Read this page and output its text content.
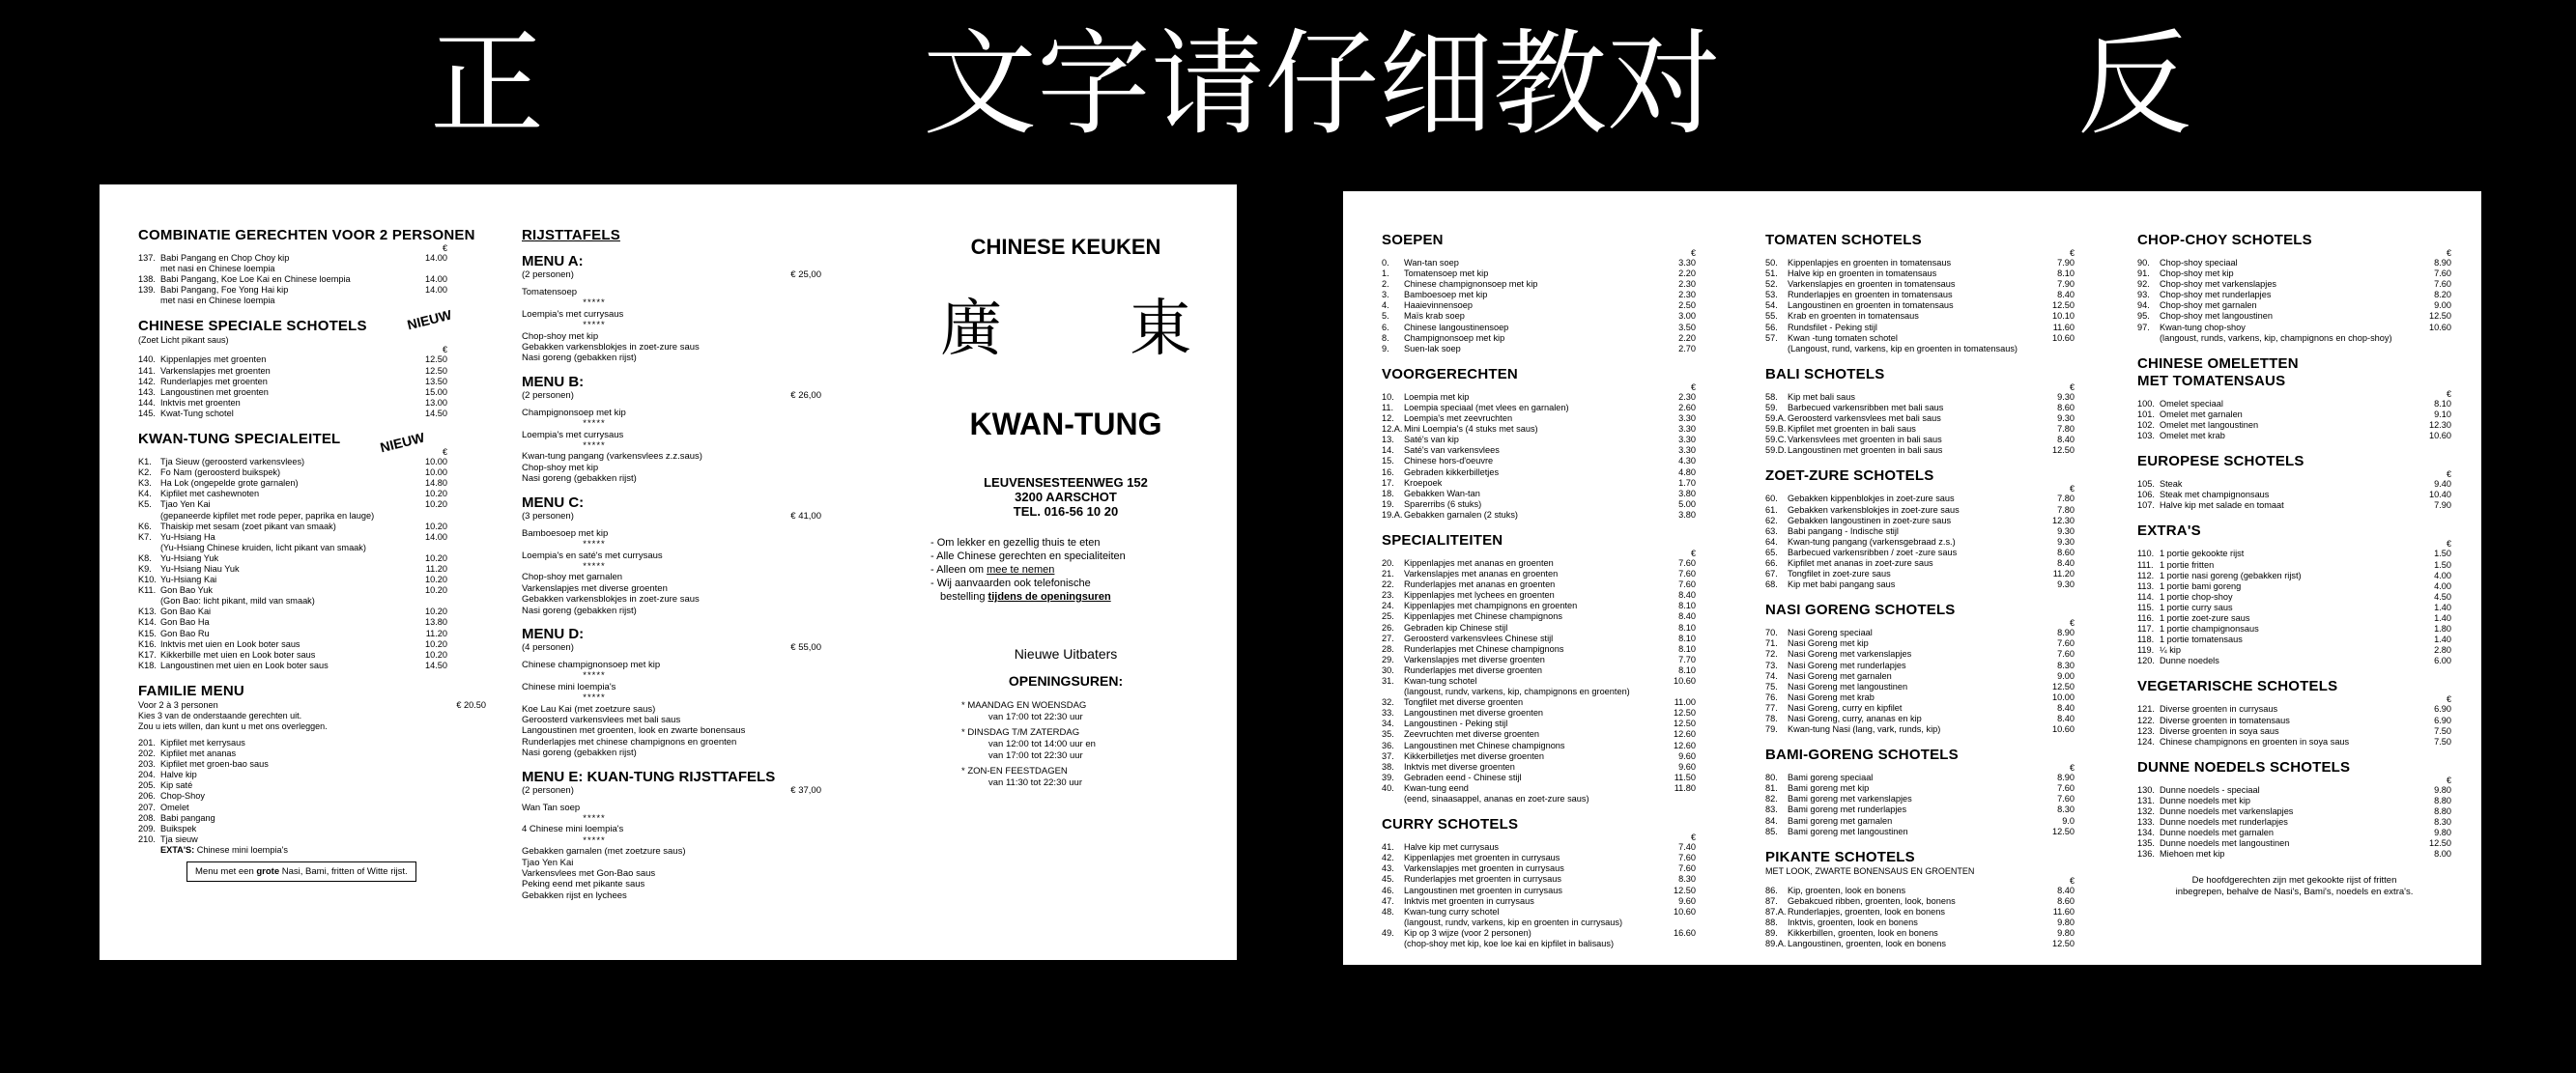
正	文字请仔细教对	反
COMBINATIE GERECHTEN VOOR 2 PERSONEN
€
137. Babi Pangang en Chop Choy kip	14.00
met nasi en Chinese loempia
138. Babi Pangang, Koe Loe Kai en Chinese loempia	14.00
139. Babi Pangang, Foe Yong Hai kip	14.00
met nasi en Chinese loempia
CHINESE SPECIALE SCHOTELS	NIEUW
(Zoet Licht pikant saus)
€
140. Kippenlapjes met groenten	12.50
141. Varkenslapjes met groenten	12.50
142. Runderlapjes met groenten	13.50
143. Langoustinen met groenten	15.00
144. Inktvis met groenten	13.00
145. Kwat-Tung schotel	14.50
KWAN-TUNG SPECIALEITEL	NIEUW	€
K1.	Tja Sieuw (geroosterd varkensvlees)	10.00
K2.	Fo Nam (geroosterd buikspek)	10.00
K3.	Ha Lok (ongepelde grote garnalen)	14.80
K4.	Kipfilet met cashewnoten	10.20
K5.	Tjao Yen Kai	10.20
(gepaneerde kipfilet met rode peper, paprika en lauge)
K6.	Thaiskip met sesam (zoet pikant van smaak)	10.20
K7.	Yu-Hsiang Ha	14.00
(Yu-Hsiang Chinese kruiden, licht pikant van smaak)
K8.	Yu-Hsiang Yuk	10.20
K9.	Yu-Hsiang Niau Yuk	11.20
K10. Yu-Hsiang Kai	10.20
K11. Gon Bao Yuk	10.20
(Gon Bao: licht pikant, mild van smaak)
K13. Gon Bao Kai	10.20
K14. Gon Bao Ha	13.80
K15. Gon Bao Ru	11.20
K16. Inktvis met uien en Look boter saus	10.20
K17. Kikkerbille met uien en Look boter saus	10.20
K18. Langoustinen met uien en Look boter saus	14.50
FAMILIE MENU
Voor 2 à 3 personen	€ 20.50
Kies 3 van de onderstaande gerechten uit.
Zou u iets willen, dan kunt u met ons overleggen.
201. Kipfilet met kerrysaus
202. Kipfilet met ananas
203. Kipfilet met groen-bao saus
204. Halve kip
205. Kip saté
206. Chop-Shoy
207. Omelet
208. Babi pangang
209. Buikspek
210. Tja sieuw
EXTA'S:
Chinese mini loempia's
Menu met een grote Nasi, Bami, fritten of Witte rijst.
RIJSTTAFELS
MENU A:
(2 personen)	€ 25,00
Tomatensoep
*****
Loempia's met currysaus
*****
Chop-shoy met kip
Gebakken varkensblokjes in zoet-zure saus
Nasi goreng (gebakken rijst)
MENU B:
(2 personen)	€ 26,00
Champignonsoep met kip
*****
Loempia's met currysaus
*****
Kwan-tung pangang (varkensvlees z.z.saus)
Chop-shoy met kip
Nasi goreng (gebakken rijst)
MENU C:
(3 personen)	€ 41,00
Bamboesoep met kip
*****
Loempia's en saté's met currysaus
*****
Chop-shoy met garnalen
Varkenslapjes met diverse groenten
Gebakken varkensblokjes in zoet-zure saus
Nasi goreng (gebakken rijst)
MENU D:
(4 personen)	€ 55,00
Chinese champignonsoep met kip
*****
Chinese mini loempia's
*****
Koe Lau Kai (met zoetzure saus)
Geroosterd varkensvlees met bali saus
Langoustinen met groenten, look en zwarte bonensaus
Runderlapjes met chinese champignons en groenten
Nasi goreng (gebakken rijst)
MENU E: KUAN-TUNG RIJSTTAFELS
(2 personen)	€ 37,00
Wan Tan soep
*****
4 Chinese mini loempia's
*****
Gebakken garnalen (met zoetzure saus)
Tjao Yen Kai
Varkensvlees met Gon-Bao saus
Peking eend met pikante saus
Gebakken rijst en lychees
CHINESE KEUKEN
廣 東
KWAN-TUNG
LEUVENSESTEENWEG 152
3200 AARSCHOT
TEL. 016-56 10 20
- Om lekker en gezellig thuis te eten
- Alle Chinese gerechten en specialiteiten
- Alleen om mee te nemen
- Wij aanvaarden ook telefonische
bestelling tijdens de openingsuren
Nieuwe Uitbaters
OPENINGSUREN:
* MAANDAG EN WOENSDAG
van 17:00 tot 22:30 uur
* DINSDAG T/M ZATERDAG
van 12:00 tot 14:00 uur en
van 17:00 tot 22:30 uur
* ZON-EN FEESTDAGEN
van 11:30 tot 22:30 uur
SOEPEN
€
0.	Wan-tan soep	3.30
1.	Tomatensoep met kip	2.20
2.	Chinese champignonsoep met kip	2.30
3.	Bamboesoep met kip	2.30
4.	Haaievinnensoep	2.50
5.	Maïs krab soep	3.00
6.	Chinese langoustinensoep	3.50
8.	Champignonsoep met kip	2.20
9.	Suen-lak soep	2.70
VOORGERECHTEN
€
10.	Loempia met kip	2.30
11.	Loempia speciaal (met vlees en garnalen)	2.60
12.	Loempia's met zeevruchten	3.30
12.A. Mini Loempia's (4 stuks met saus)	3.30
13.	Saté's van kip	3.30
14.	Saté's van varkensvlees	3.30
15.	Chinese hors-d'oeuvre	4.30
16.	Gebraden kikkerbilletjes	4.80
17.	Kroepoek	1.70
18.	Gebakken Wan-tan	3.80
19.	Sparerribs (6 stuks)	5.00
19.A. Gebakken garnalen (2 stuks)	3.80
SPECIALITEITEN
€
20.	Kippenlapjes met ananas en groenten	7.60
21.	Varkenslapjes met ananas en groenten	7.60
22.	Runderlapjes met ananas en groenten	7.60
23.	Kippenlapjes met lychees en groenten	8.40
24.	Kippenlapjes met champignons en groenten	8.10
25.	Kippenlapjes met Chinese champignons	8.40
26.	Gebraden kip Chinese stijl	8.10
27.	Geroosterd varkensvlees Chinese stijl	8.10
28.	Runderlapjes met Chinese champignons	8.10
29.	Varkenslapjes met diverse groenten	7.70
30.	Runderlapjes met diverse groenten	8.10
31.	Kwan-tung schotel	10.60
(langoust, rundv, varkens, kip, champignons en groenten)
32.	Tongfilet met diverse groenten	11.00
33.	Langoustinen met diverse groenten	12.50
34.	Langoustinen - Peking stijl	12.50
35.	Zeevruchten met diverse groenten	12.60
36.	Langoustinen met Chinese champignons	12.60
37.	Kikkerbilletjes met diverse groenten	9.60
38.	Inktvis met diverse groenten	9.60
39.	Gebraden eend - Chinese stijl	11.50
40.	Kwan-tung eend	11.80
(eend, sinaasappel, ananas en zoet-zure saus)
CURRY SCHOTELS
€
41.	Halve kip met currysaus	7.40
42.	Kippenlapjes met groenten in currysaus	7.60
43.	Varkenslapjes met groenten in currysaus	7.60
45.	Runderlapjes met groenten in currysaus	8.30
46.	Langoustinen met groenten in currysaus	12.50
47.	Inktvis met groenten in currysaus	9.60
48.	Kwan-tung curry schotel	10.60
(langoust, rundv, varkens, kip en groenten in currysaus)
49.	Kip op 3 wijze (voor 2 personen)	16.60
(chop-shoy met kip, koe loe kai en kipfilet in balisaus)
TOMATEN SCHOTELS
€
50.	Kippenlapjes en groenten in tomatensaus	7.90
51.	Halve kip en groenten in tomatensaus	8.10
52.	Varkenslapjes en groenten in tomatensaus	7.90
53.	Runderlapjes en groenten in tomatensaus	8.40
54.	Langoustinen en groenten in tomatensaus	12.50
55.	Krab en groenten in tomatensaus	10.10
56.	Rundsfilet - Peking stijl	11.60
57.	Kwan -tung tomaten schotel	10.60
(Langoust, rund, varkens, kip en groenten in tomatensaus)
BALI SCHOTELS
€
58.	Kip met bali saus	9.30
59.	Barbecued varkensribben met bali saus	8.60
59.A. Geroosterd varkensvlees met bali saus	9.30
59.B. Kipfilet met groenten in bali saus	7.80
59.C. Varkensvlees met groenten in bali saus	8.40
59.D. Langoustinen met groenten in bali saus	12.50
ZOET-ZURE SCHOTELS
€
60.	Gebakken kippenblokjes in zoet-zure saus	7.80
61.	Gebakken varkensblokjes in zoet-zure saus	7.80
62.	Gebakken langoustinen in zoet-zure saus	12.30
63.	Babi pangang - Indische stijl	9.30
64.	Kwan-tung pangang (varkensgebraad z.s.)	9.30
65.	Barbecued varkensribben / zoet -zure saus	8.60
66.	Kipfilet met ananas in zoet-zure saus	8.40
67.	Tongfilet in zoet-zure saus	11.20
68.	Kip met babi pangang saus	9.30
NASI GORENG SCHOTELS
€
70.	Nasi Goreng speciaal	8.90
71.	Nasi Goreng met kip	7.60
72.	Nasi Goreng met varkenslapjes	7.60
73.	Nasi Goreng met runderlapjes	8.30
74.	Nasi Goreng met garnalen	9.00
75.	Nasi Goreng met langoustinen	12.50
76.	Nasi Goreng met krab	10.00
77.	Nasi Goreng, curry en kipfilet	8.40
78.	Nasi Goreng, curry, ananas en kip	8.40
79.	Kwan-tung Nasi (lang, vark, runds, kip)	10.60
BAMI-GORENG SCHOTELS
€
80.	Bami goreng speciaal	8.90
81.	Bami goreng met kip	7.60
82.	Bami goreng met varkenslapjes	7.60
83.	Bami goreng met runderlapjes	8.30
84.	Bami goreng met garnalen	9.0
85.	Bami goreng met langoustinen	12.50
PIKANTE SCHOTELS
MET LOOK, ZWARTE BONENSAUS EN GROENTEN
€
86.	Kip, groenten, look en bonens	8.40
87.	Gebakcued ribben, groenten, look, bonens	8.60
87.A. Runderlapjes, groenten, look en bonens	11.60
88.	Inktvis, groenten, look en bonens	9.80
89.	Kikkerbillen, groenten, look en bonens	9.80
89.A. Langoustinen, groenten, look en bonens	12.50
CHOP-CHOY SCHOTELS
€
90.	Chop-shoy speciaal	8.90
91.	Chop-shoy met kip	7.60
92.	Chop-shoy met varkenslapjes	7.60
93.	Chop-shoy met runderlapjes	8.20
94.	Chop-shoy met garnalen	9.00
95.	Chop-shoy met langoustinen	12.50
97.	Kwan-tung chop-shoy	10.60
(langoust, runds, varkens, kip, champignons en chop-shoy)
CHINESE OMELETTEN
MET TOMATENSAUS
€
100. Omelet speciaal	8.10
101. Omelet met garnalen	9.10
102. Omelet met langoustinen	12.30
103. Omelet met krab	10.60
EUROPESE SCHOTELS
€
105. Steak	9.40
106. Steak met champignonsaus	10.40
107. Halve kip met salade en tomaat	7.90
EXTRA'S
€
110. 1 portie gekookte rijst	1.50
111. 1 portie fritten	1.50
112. 1 portie nasi goreng (gebakken rijst)	4.00
113. 1 portie bami goreng	4.00
114. 1 portie chop-shoy	4.50
115. 1 portie curry saus	1.40
116. 1 portie zoet-zure saus	1.40
117. 1 portie champignonsaus	1.80
118. 1 portie tomatensaus	1.40
119. ¼ kip	2.80
120. Dunne noedels	6.00
VEGETARISCHE SCHOTELS
€
121. Diverse groenten in currysaus	6.90
122. Diverse groenten in tomatensaus	6.90
123. Diverse groenten in soya saus	7.50
124. Chinese champignons en groenten in soya saus	7.50
DUNNE NOEDELS SCHOTELS
€
130. Dunne noedels - speciaal	9.80
131. Dunne noedels met kip	8.80
132. Dunne noedels met varkenslapjes	8.80
133. Dunne noedels met runderlapjes	8.30
134. Dunne noedels met garnalen	9.80
135. Dunne noedels met langoustinen	12.50
136. Miehoen met kip	8.00
De hoofdgerechten zijn met gekookte rijst of fritten
inbegrepen, behalve de Nasi's, Bami's, noedels en extra's.
